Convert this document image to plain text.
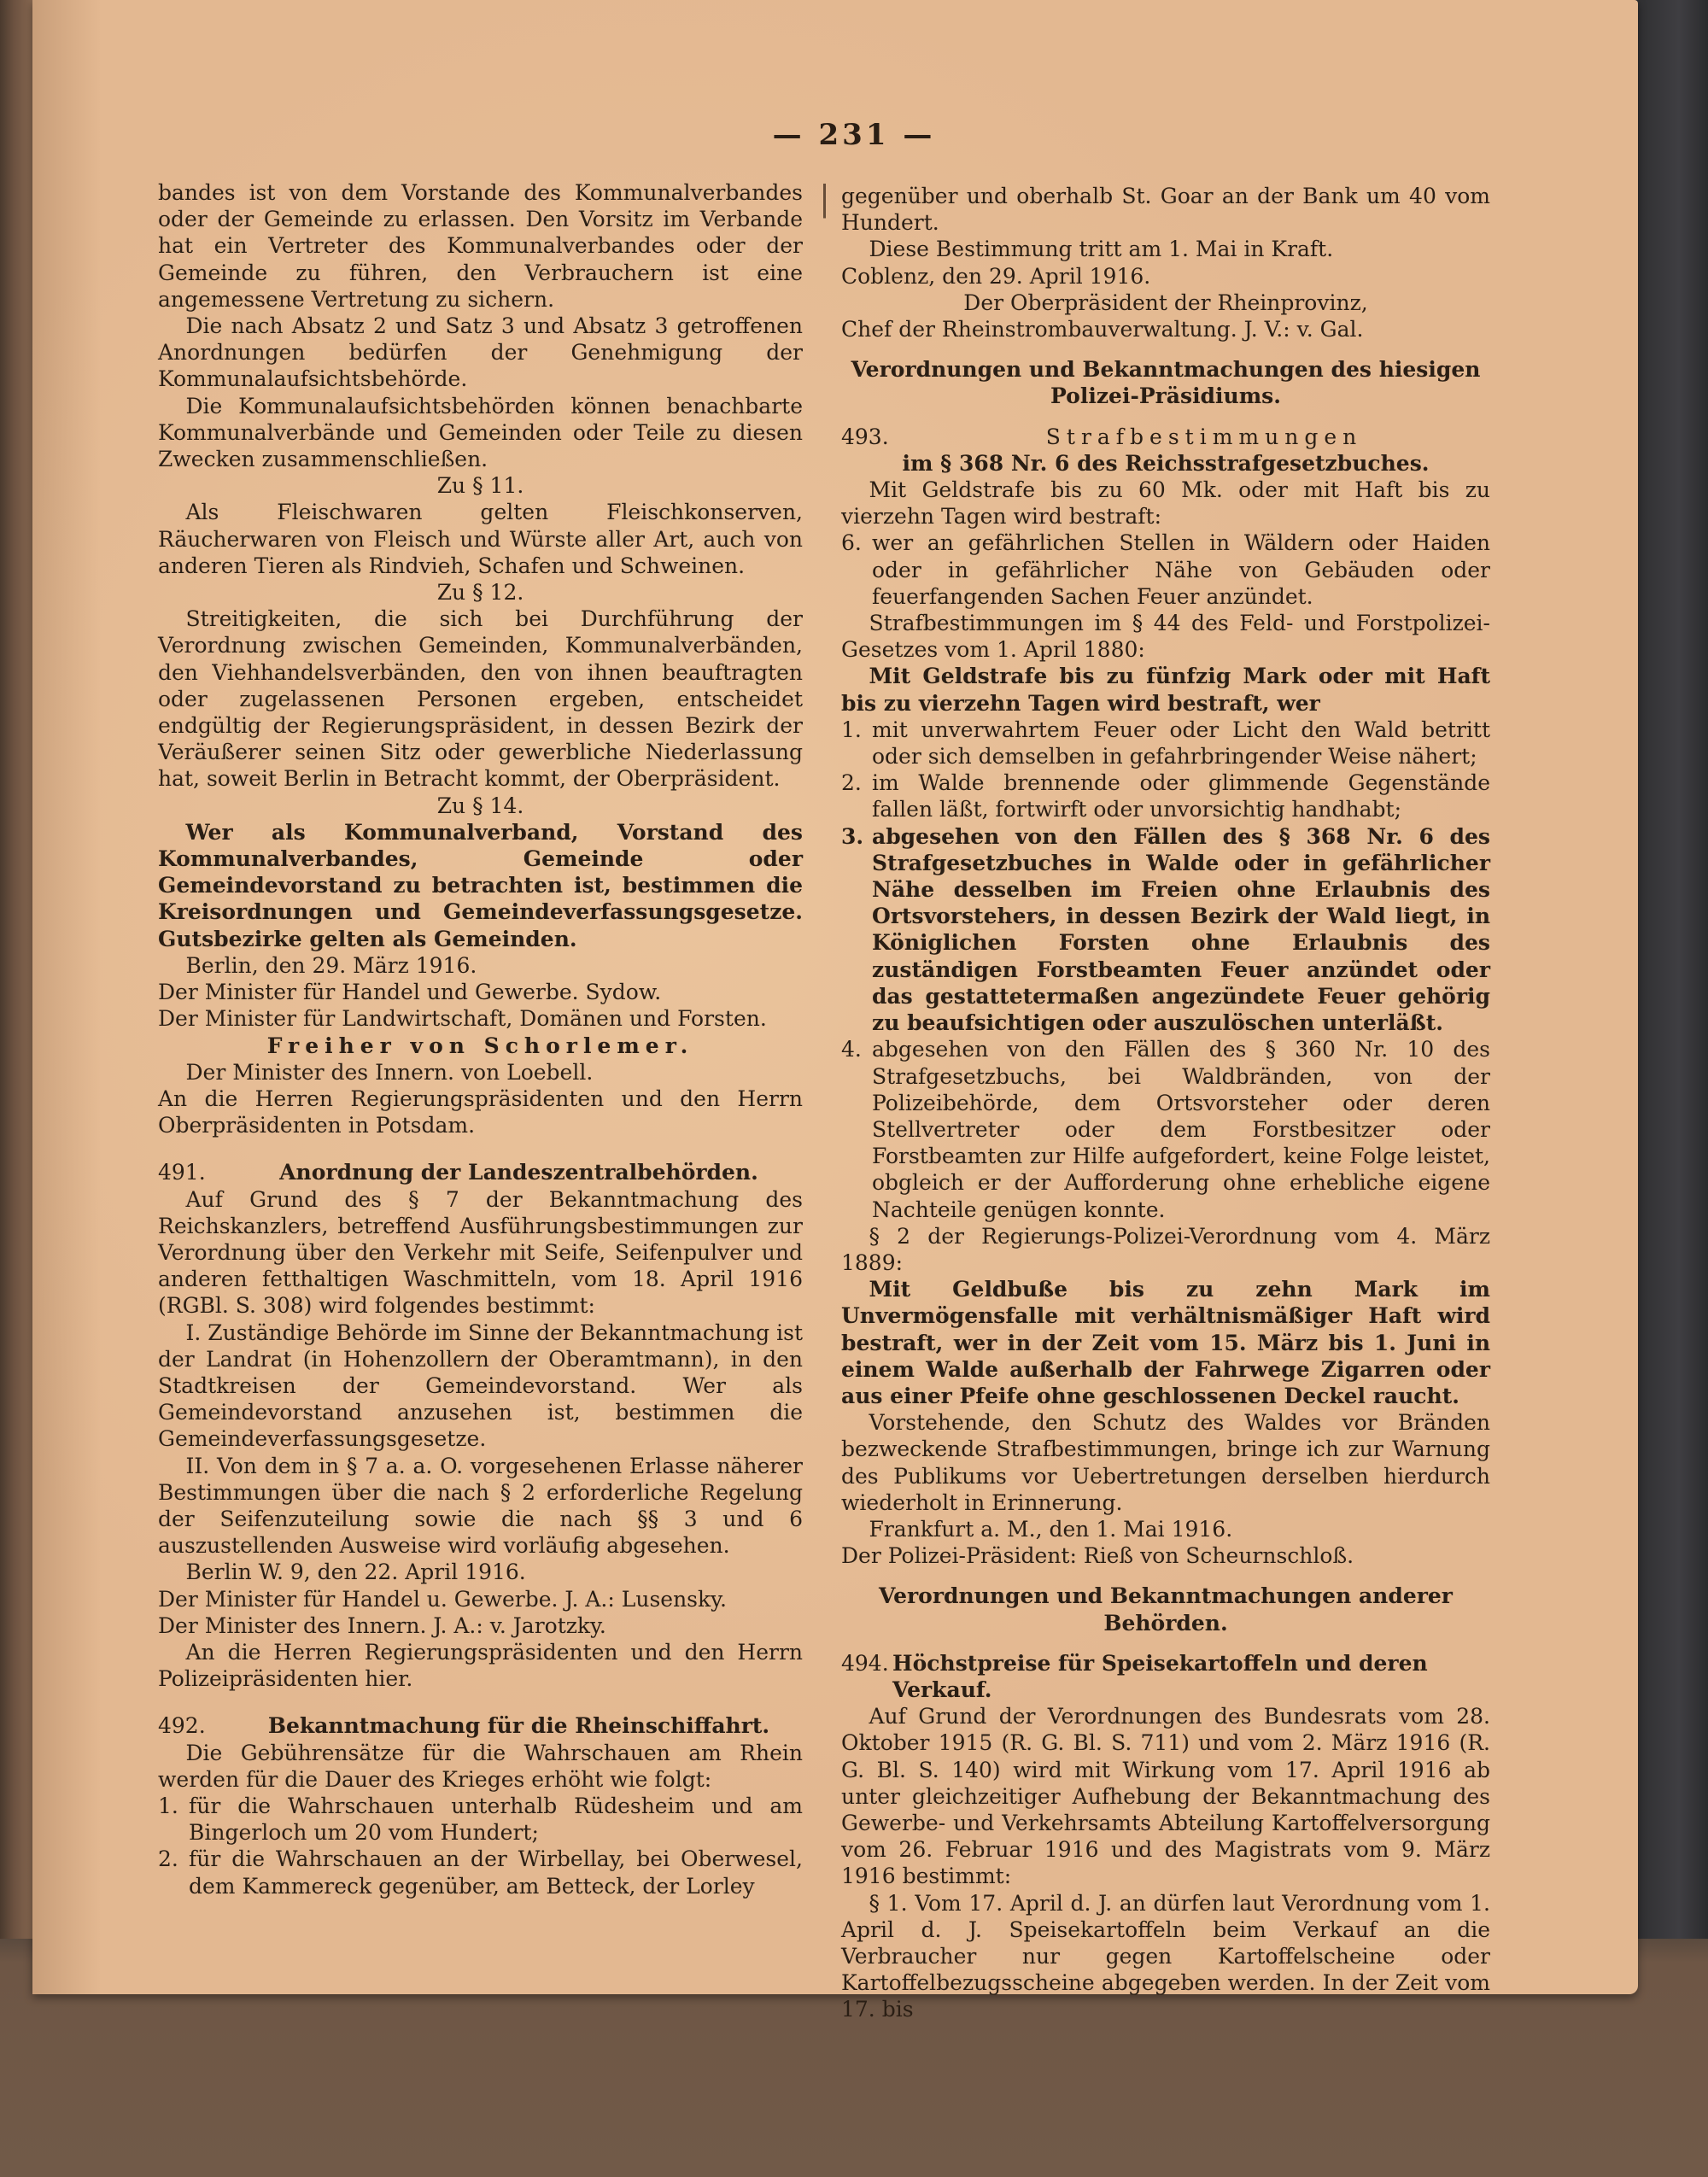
— 231 —

bandes ist von dem Vorstande des Kommunalverbandes oder der Gemeinde zu erlassen. Den Vorsitz im Verbande hat ein Vertreter des Kommunalverbandes oder der Gemeinde zu führen, den Verbrauchern ist eine angemessene Vertretung zu sichern.

Die nach Absatz 2 und Satz 3 und Absatz 3 getroffenen Anordnungen bedürfen der Genehmigung der Kommunalaufsichtsbehörde.

Die Kommunalaufsichtsbehörden können benachbarte Kommunalverbände und Gemeinden oder Teile zu diesen Zwecken zusammenschließen.

Zu § 11.

Als Fleischwaren gelten Fleischkonserven, Räucherwaren von Fleisch und Würste aller Art, auch von anderen Tieren als Rindvieh, Schafen und Schweinen.

Zu § 12.

Streitigkeiten, die sich bei Durchführung der Verordnung zwischen Gemeinden, Kommunalverbänden, den Viehhandelsverbänden, den von ihnen beauftragten oder zugelassenen Personen ergeben, entscheidet endgültig der Regierungspräsident, in dessen Bezirk der Veräußerer seinen Sitz oder gewerbliche Niederlassung hat, soweit Berlin in Betracht kommt, der Oberpräsident.

Zu § 14.

Wer als Kommunalverband, Vorstand des Kommunalverbandes, Gemeinde oder Gemeindevorstand zu betrachten ist, bestimmen die Kreisordnungen und Gemeindeverfassungsgesetze. Gutsbezirke gelten als Gemeinden.

Berlin, den 29. März 1916.

Der Minister für Handel und Gewerbe. Sydow.

Der Minister für Landwirtschaft, Domänen und Forsten.

Freiher von Schorlemer.

Der Minister des Innern. von Loebell.

An die Herren Regierungspräsidenten und den Herrn Oberpräsidenten in Potsdam.

491.	Anordnung der Landeszentralbehörden.

Auf Grund des § 7 der Bekanntmachung des Reichskanzlers, betreffend Ausführungsbestimmungen zur Verordnung über den Verkehr mit Seife, Seifenpulver und anderen fetthaltigen Waschmitteln, vom 18. April 1916 (RGBl. S. 308) wird folgendes bestimmt:

I. Zuständige Behörde im Sinne der Bekanntmachung ist der Landrat (in Hohenzollern der Oberamtmann), in den Stadtkreisen der Gemeindevorstand. Wer als Gemeindevorstand anzusehen ist, bestimmen die Gemeindeverfassungsgesetze.

II. Von dem in § 7 a. a. O. vorgesehenen Erlasse näherer Bestimmungen über die nach § 2 erforderliche Regelung der Seifenzuteilung sowie die nach §§ 3 und 6 auszustellenden Ausweise wird vorläufig abgesehen.

Berlin W. 9, den 22. April 1916.

Der Minister für Handel u. Gewerbe. J. A.: Lusensky.

Der Minister des Innern. J. A.: v. Jarotzky.

An die Herren Regierungspräsidenten und den Herrn Polizeipräsidenten hier.

492.	Bekanntmachung für die Rheinschiffahrt.

Die Gebührensätze für die Wahrschauen am Rhein werden für die Dauer des Krieges erhöht wie folgt:

1. für die Wahrschauen unterhalb Rüdesheim und am Bingerloch um 20 vom Hundert;
2. für die Wahrschauen an der Wirbellay, bei Oberwesel, dem Kammereck gegenüber, am Betteck, der Lorley

gegenüber und oberhalb St. Goar an der Bank um 40 vom Hundert.

Diese Bestimmung tritt am 1. Mai in Kraft.

Coblenz, den 29. April 1916.

Der Oberpräsident der Rheinprovinz,

Chef der Rheinstrombauverwaltung. J. V.: v. Gal.

Verordnungen und Bekanntmachungen des hiesigen Polizei-Präsidiums.

493.	Strafbestimmungen

im § 368 Nr. 6 des Reichsstrafgesetzbuches.

Mit Geldstrafe bis zu 60 Mk. oder mit Haft bis zu vierzehn Tagen wird bestraft:

6. wer an gefährlichen Stellen in Wäldern oder Haiden oder in gefährlicher Nähe von Gebäuden oder feuerfangenden Sachen Feuer anzündet.

Strafbestimmungen im § 44 des Feld- und Forstpolizei-Gesetzes vom 1. April 1880:

Mit Geldstrafe bis zu fünfzig Mark oder mit Haft bis zu vierzehn Tagen wird bestraft, wer

1. mit unverwahrtem Feuer oder Licht den Wald betritt oder sich demselben in gefahrbringender Weise nähert;
2. im Walde brennende oder glimmende Gegenstände fallen läßt, fortwirft oder unvorsichtig handhabt;
3. abgesehen von den Fällen des § 368 Nr. 6 des Strafgesetzbuches in Walde oder in gefährlicher Nähe desselben im Freien ohne Erlaubnis des Ortsvorstehers, in dessen Bezirk der Wald liegt, in Königlichen Forsten ohne Erlaubnis des zuständigen Forstbeamten Feuer anzündet oder das gestattetermaßen angezündete Feuer gehörig zu beaufsichtigen oder auszulöschen unterläßt.
4. abgesehen von den Fällen des § 360 Nr. 10 des Strafgesetzbuchs, bei Waldbränden, von der Polizeibehörde, dem Ortsvorsteher oder deren Stellvertreter oder dem Forstbesitzer oder Forstbeamten zur Hilfe aufgefordert, keine Folge leistet, obgleich er der Aufforderung ohne erhebliche eigene Nachteile genügen konnte.

§ 2 der Regierungs-Polizei-Verordnung vom 4. März 1889:

Mit Geldbuße bis zu zehn Mark im Unvermögensfalle mit verhältnismäßiger Haft wird bestraft, wer in der Zeit vom 15. März bis 1. Juni in einem Walde außerhalb der Fahrwege Zigarren oder aus einer Pfeife ohne geschlossenen Deckel raucht.

Vorstehende, den Schutz des Waldes vor Bränden bezweckende Strafbestimmungen, bringe ich zur Warnung des Publikums vor Uebertretungen derselben hierdurch wiederholt in Erinnerung.

Frankfurt a. M., den 1. Mai 1916.

Der Polizei-Präsident: Rieß von Scheurnschloß.

Verordnungen und Bekanntmachungen anderer Behörden.

494. Höchstpreise für Speisekartoffeln und deren Verkauf.

Auf Grund der Verordnungen des Bundesrats vom 28. Oktober 1915 (R. G. Bl. S. 711) und vom 2. März 1916 (R. G. Bl. S. 140) wird mit Wirkung vom 17. April 1916 ab unter gleichzeitiger Aufhebung der Bekanntmachung des Gewerbe- und Verkehrsamts Abteilung Kartoffelversorgung vom 26. Februar 1916 und des Magistrats vom 9. März 1916 bestimmt:

§ 1. Vom 17. April d. J. an dürfen laut Verordnung vom 1. April d. J. Speisekartoffeln beim Verkauf an die Verbraucher nur gegen Kartoffelscheine oder Kartoffelbezugsscheine abgegeben werden. In der Zeit vom 17. bis
